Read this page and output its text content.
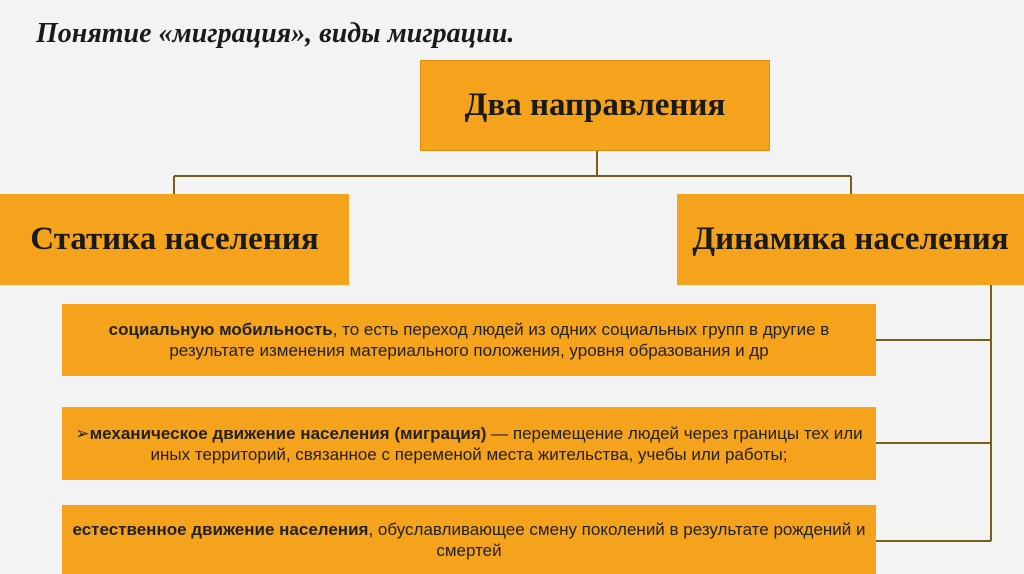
Понятие «миграция», виды миграции.
Два направления
Статика населения	Динамика населения

социальную мобильность, то есть переход людей из одних социальных групп в другие в результате изменения материального положения, уровня образования и др

➢механическое движение населения (миграция) — перемещение людей через границы тех или иных территорий, связанное с переменой места жительства, учебы или работы;

естественное движение населения, обуславливающее смену поколений в результате рождений и смертей
